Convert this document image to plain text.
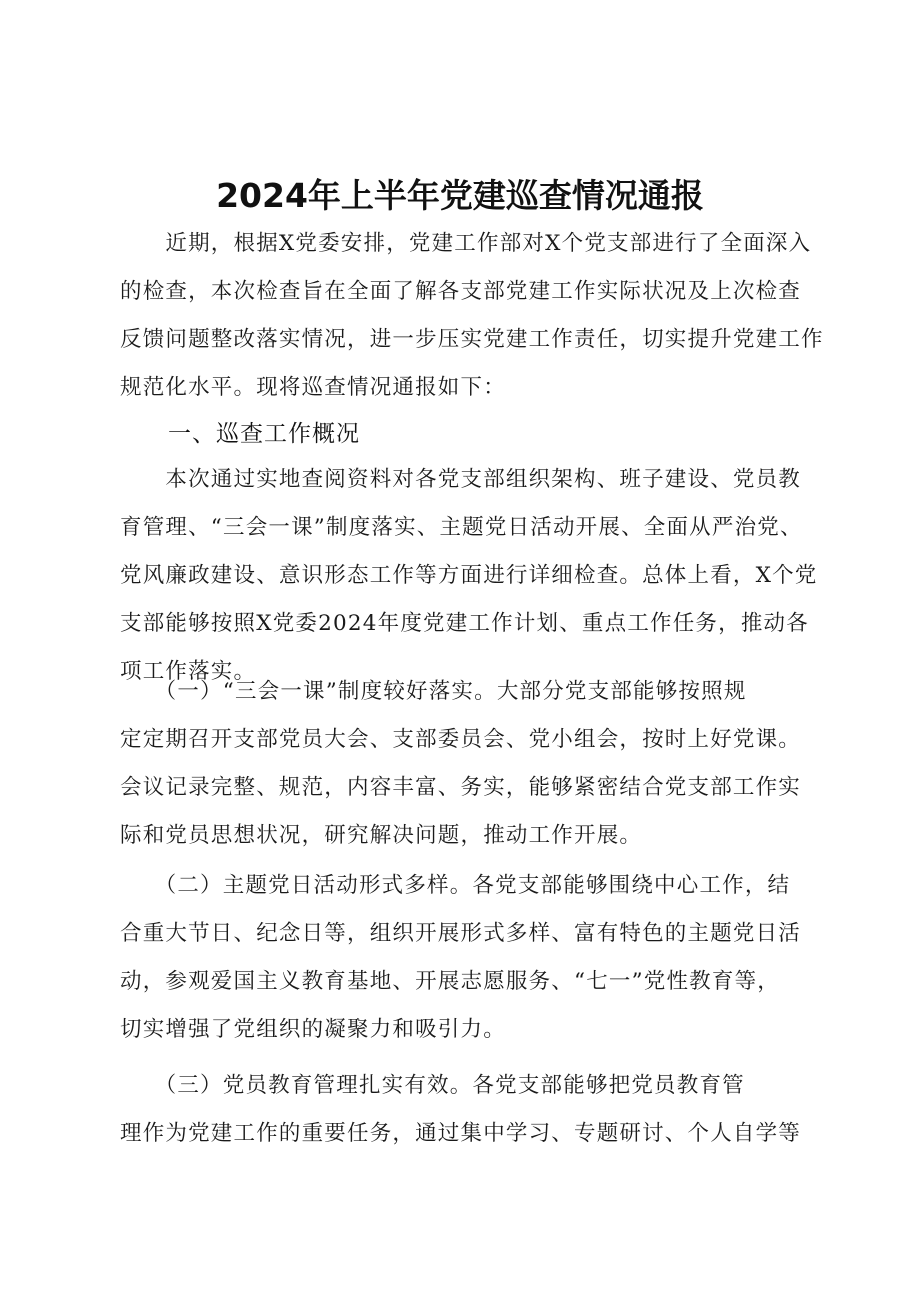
2024年上半年党建巡查情况通报
　　近期，根据X党委安排，党建工作部对X个党支部进行了全面深入
的检查，本次检查旨在全面了解各支部党建工作实际状况及上次检查
反馈问题整改落实情况，进一步压实党建工作责任，切实提升党建工作
规范化水平。现将巡查情况通报如下：
一、巡查工作概况
　　本次通过实地查阅资料对各党支部组织架构、班子建设、党员教
育管理、“三会一课”制度落实、主题党日活动开展、全面从严治党、
党风廉政建设、意识形态工作等方面进行详细检查。总体上看，X个党
支部能够按照X党委2024年度党建工作计划、重点工作任务，推动各
项工作落实。
　　（一）“三会一课”制度较好落实。大部分党支部能够按照规
定定期召开支部党员大会、支部委员会、党小组会，按时上好党课。
会议记录完整、规范，内容丰富、务实，能够紧密结合党支部工作实
际和党员思想状况，研究解决问题，推动工作开展。
　　（二）主题党日活动形式多样。各党支部能够围绕中心工作，结
合重大节日、纪念日等，组织开展形式多样、富有特色的主题党日活
动，参观爱国主义教育基地、开展志愿服务、“七一”党性教育等，
切实增强了党组织的凝聚力和吸引力。
　　（三）党员教育管理扎实有效。各党支部能够把党员教育管
理作为党建工作的重要任务，通过集中学习、专题研讨、个人自学等
